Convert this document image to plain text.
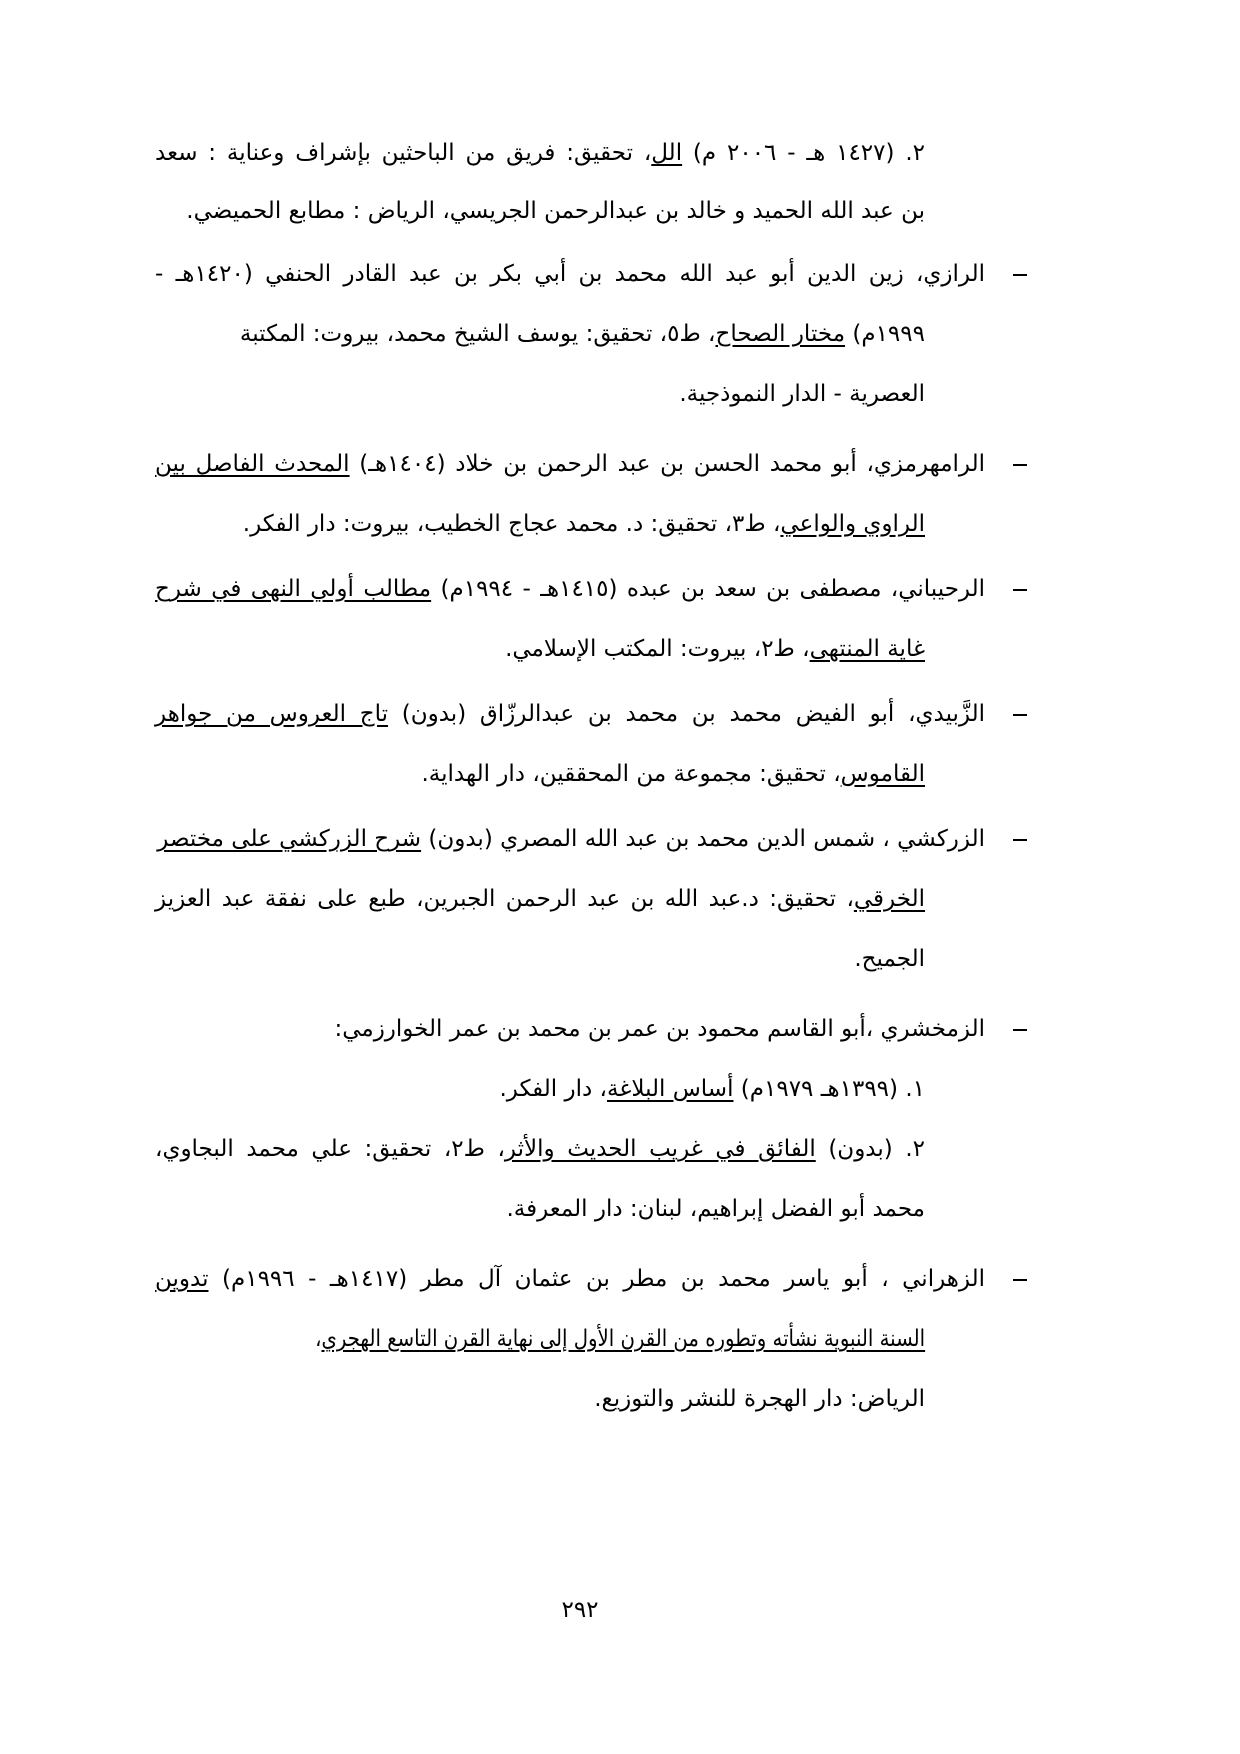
٢. (١٤٢٧ هـ - ٢٠٠٦ م) الل، تحقيق: فريق من الباحثين بإشراف وعناية : سعد
بن عبد الله الحميد و خالد بن عبدالرحمن الجريسي، الرياض : مطابع الحميضي.
الرازي، زين الدين أبو عبد الله محمد بن أبي بكر بن عبد القادر الحنفي (١٤٢٠هـ -
١٩٩٩م) مختار الصحاح، ط٥، تحقيق: يوسف الشيخ محمد، بيروت: المكتبة
العصرية - الدار النموذجية.
الرامهرمزي، أبو محمد الحسن بن عبد الرحمن بن خلاد (١٤٠٤هـ) المحدث الفاصل بين
الراوي والواعي، ط٣، تحقيق: د. محمد عجاج الخطيب، بيروت: دار الفكر.
الرحيباني، مصطفى بن سعد بن عبده (١٤١٥هـ - ١٩٩٤م) مطالب أولي النهى في شرح
غاية المنتهى، ط٢، بيروت: المكتب الإسلامي.
الزَّبيدي، أبو الفيض محمد بن محمد بن عبدالرزّاق (بدون) تاج العروس من جواهر
القاموس، تحقيق: مجموعة من المحققين، دار الهداية.
الزركشي ، شمس الدين محمد بن عبد الله المصري (بدون) شرح الزركشي على مختصر
الخرقي، تحقيق: د.عبد الله بن عبد الرحمن الجبرين، طبع على نفقة عبد العزيز
الجميح.
الزمخشري ،أبو القاسم محمود بن عمر بن محمد بن عمر الخوارزمي:
١. (١٣٩٩هـ ١٩٧٩م) أساس البلاغة، دار الفكر.
٢. (بدون) الفائق في غريب الحديث والأثر، ط٢، تحقيق: علي محمد البجاوي،
محمد أبو الفضل إبراهيم، لبنان: دار المعرفة.
الزهراني ، أبو ياسر محمد بن مطر بن عثمان آل مطر (١٤١٧هـ - ١٩٩٦م) تدوين
السنة النبوية نشأته وتطوره من القرن الأول إلى نهاية القرن التاسع الهجري،
الرياض: دار الهجرة للنشر والتوزيع.
٢٩٢
